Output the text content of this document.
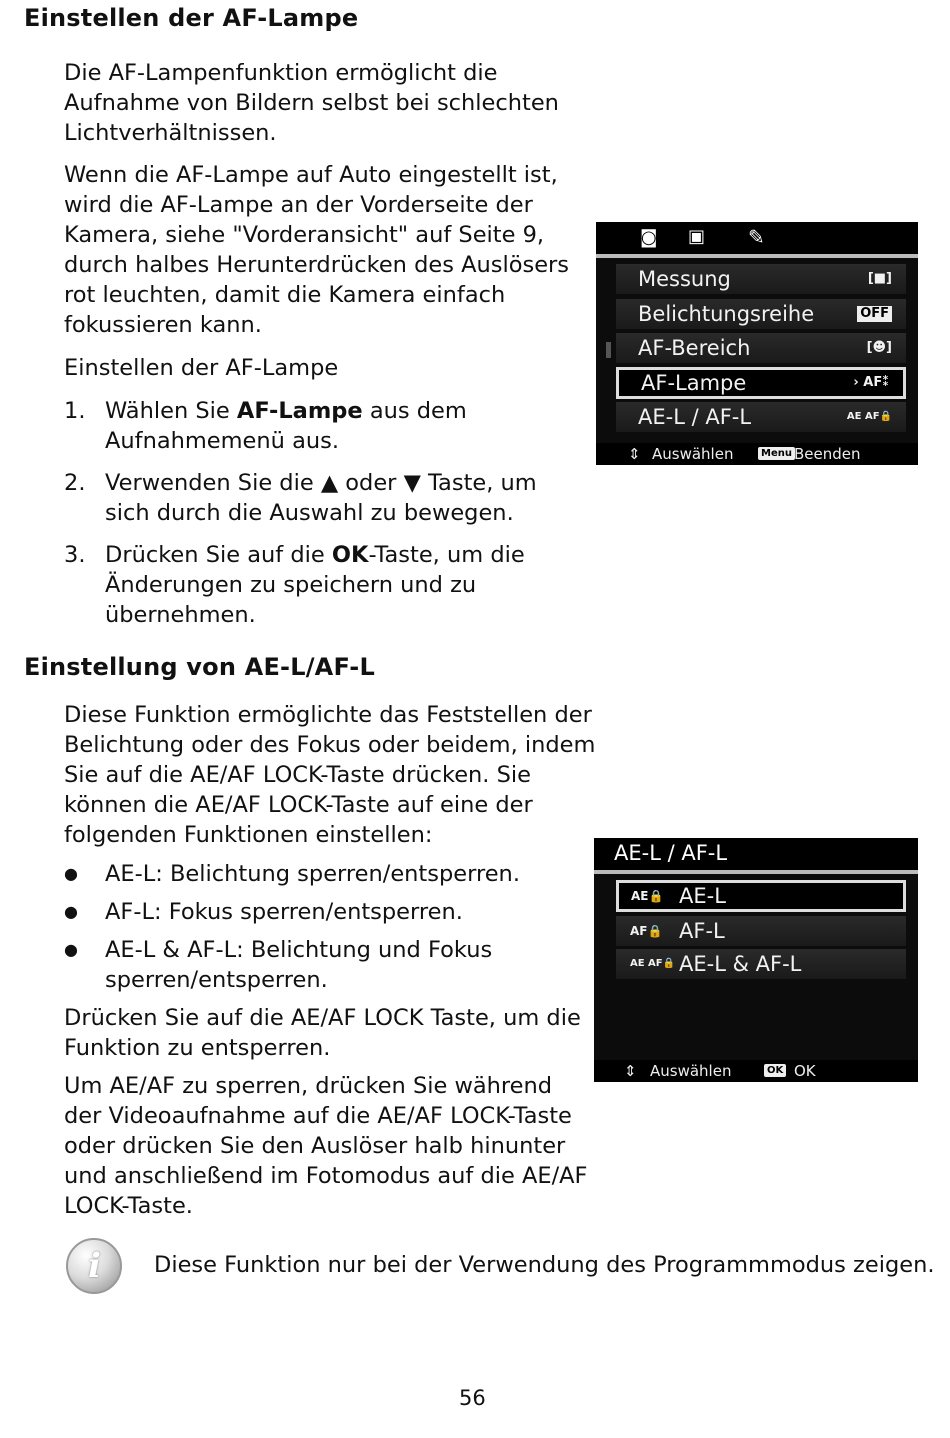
Einstellen der AF-Lampe
Die AF-Lampenfunktion ermöglicht die
Aufnahme von Bildern selbst bei schlechten
Lichtverhältnissen.
Wenn die AF-Lampe auf Auto eingestellt ist,
wird die AF-Lampe an der Vorderseite der
Kamera, siehe "Vorderansicht" auf Seite 9,
durch halbes Herunterdrücken des Auslösers
rot leuchten, damit die Kamera einfach
fokussieren kann.
Einstellen der AF-Lampe
1. Wählen Sie AF-Lampe aus dem
Aufnahmemenü aus.
2. Verwenden Sie die ▲ oder ▼ Taste, um
sich durch die Auswahl zu bewegen.
3. Drücken Sie auf die OK-Taste, um die
Änderungen zu speichern und zu
übernehmen.
◙ ▣ ✎
Messung	[■]
Belichtungsreihe	OFF
AF-Bereich	[☻]
AF-Lampe	› AF⁑
AE-L / AF-L	AE AF🔒
⇕ Auswählen	Menu Beenden
Einstellung von AE-L/AF-L
Diese Funktion ermöglichte das Feststellen der
Belichtung oder des Fokus oder beidem, indem
Sie auf die AE/AF LOCK-Taste drücken. Sie
können die AE/AF LOCK-Taste auf eine der
folgenden Funktionen einstellen:
● AE-L: Belichtung sperren/entsperren.
● AF-L: Fokus sperren/entsperren.
● AE-L & AF-L: Belichtung und Fokus
sperren/entsperren.
Drücken Sie auf die AE/AF LOCK Taste, um die
Funktion zu entsperren.
Um AE/AF zu sperren, drücken Sie während
der Videoaufnahme auf die AE/AF LOCK-Taste
oder drücken Sie den Auslöser halb hinunter
und anschließend im Fotomodus auf die AE/AF
LOCK-Taste.
AE-L / AF-L
AE🔒 AE-L
AF🔒 AF-L
AE AF🔒 AE-L & AF-L
⇕ Auswählen	OK OK
i Diese Funktion nur bei der Verwendung des Programmmodus zeigen.
56
